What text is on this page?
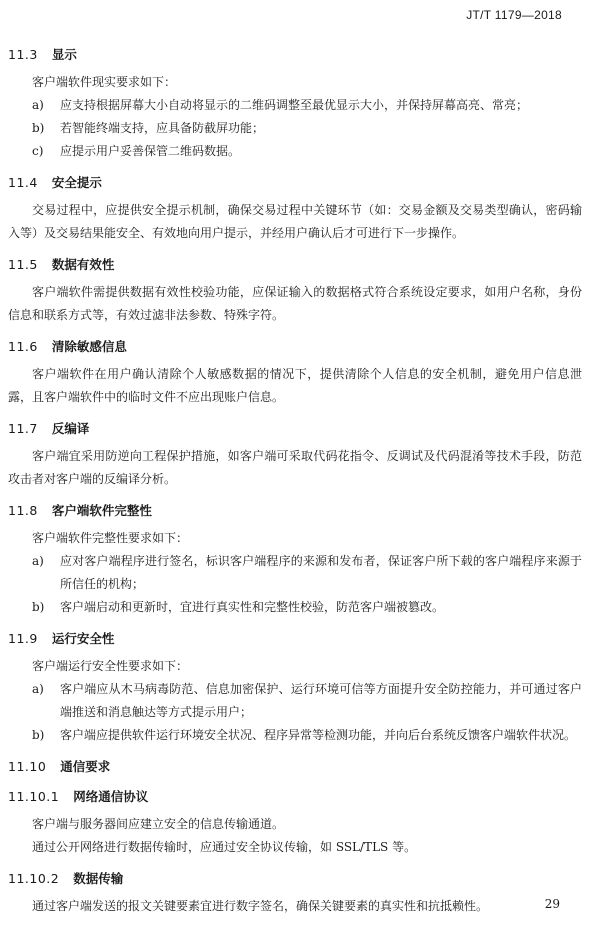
JT/T 1179—2018
11.3 显示
客户端软件现实要求如下：
a)	应支持根据屏幕大小自动将显示的二维码调整至最优显示大小，并保持屏幕高亮、常亮；
b)	若智能终端支持，应具备防截屏功能；
c)	应提示用户妥善保管二维码数据。
11.4 安全提示
交易过程中，应提供安全提示机制，确保交易过程中关键环节（如：交易金额及交易类型确认，密码输入等）及交易结果能安全、有效地向用户提示，并经用户确认后才可进行下一步操作。
11.5 数据有效性
客户端软件需提供数据有效性校验功能，应保证输入的数据格式符合系统设定要求，如用户名称，身份信息和联系方式等，有效过滤非法参数、特殊字符。
11.6 清除敏感信息
客户端软件在用户确认清除个人敏感数据的情况下，提供清除个人信息的安全机制，避免用户信息泄露，且客户端软件中的临时文件不应出现账户信息。
11.7 反编译
客户端宜采用防逆向工程保护措施，如客户端可采取代码花指令、反调试及代码混淆等技术手段，防范攻击者对客户端的反编译分析。
11.8 客户端软件完整性
客户端软件完整性要求如下：
a)	应对客户端程序进行签名，标识客户端程序的来源和发布者，保证客户所下载的客户端程序来源于所信任的机构；
b)	客户端启动和更新时，宜进行真实性和完整性校验，防范客户端被篡改。
11.9 运行安全性
客户端运行安全性要求如下：
a)	客户端应从木马病毒防范、信息加密保护、运行环境可信等方面提升安全防控能力，并可通过客户端推送和消息触达等方式提示用户；
b)	客户端应提供软件运行环境安全状况、程序异常等检测功能，并向后台系统反馈客户端软件状况。
11.10 通信要求
11.10.1 网络通信协议
客户端与服务器间应建立安全的信息传输通道。
通过公开网络进行数据传输时，应通过安全协议传输，如 SSL/TLS 等。
11.10.2 数据传输
通过客户端发送的报文关键要素宜进行数字签名，确保关键要素的真实性和抗抵赖性。	29
